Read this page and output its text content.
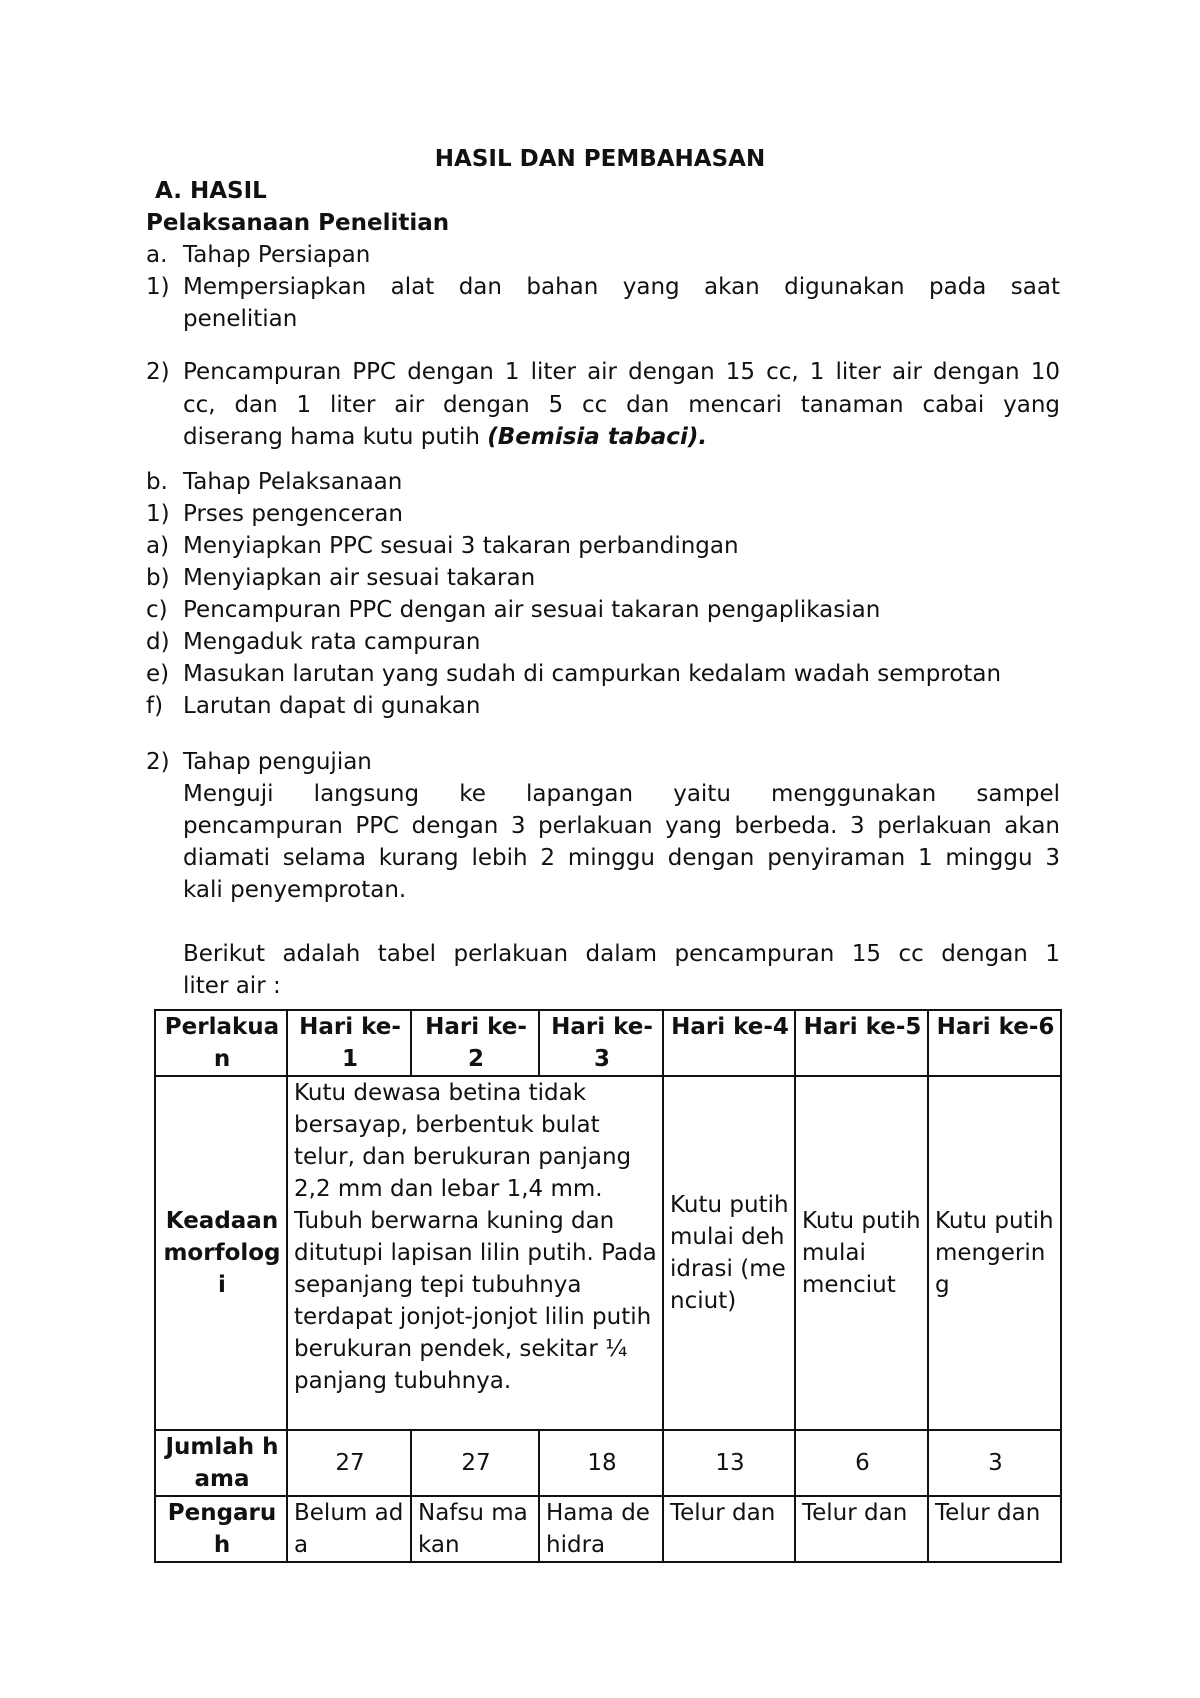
HASIL DAN PEMBAHASAN

A. HASIL

Pelaksanaan Penelitian

a. Tahap Persiapan

1) Mempersiapkan alat dan bahan yang akan digunakan pada saat

penelitian

2) Pencampuran PPC dengan 1 liter air dengan 15 cc, 1 liter air dengan 10

cc, dan 1 liter air dengan 5 cc dan mencari tanaman cabai yang

diserang hama kutu putih (Bemisia tabaci).

b. Tahap Pelaksanaan

1) Prses pengenceran

a) Menyiapkan PPC sesuai 3 takaran perbandingan

b) Menyiapkan air sesuai takaran

c) Pencampuran PPC dengan air sesuai takaran pengaplikasian

d) Mengaduk rata campuran

e) Masukan larutan yang sudah di campurkan kedalam wadah semprotan

f) Larutan dapat di gunakan

2) Tahap pengujian

Menguji langsung ke lapangan yaitu menggunakan sampel

pencampuran PPC dengan 3 perlakuan yang berbeda. 3 perlakuan akan

diamati selama kurang lebih 2 minggu dengan penyiraman 1 minggu 3

kali penyemprotan.

Berikut adalah tabel perlakuan dalam pencampuran 15 cc dengan 1

liter air :

Perlakuan	Hari ke-1	Hari ke-2	Hari ke-3	Hari ke-4	Hari ke-5	Hari ke-6
Keadaan morfologi	Kutu dewasa betina tidak bersayap, berbentuk bulat telur, dan berukuran panjang 2,2 mm dan lebar 1,4 mm. Tubuh berwarna kuning dan ditutupi lapisan lilin putih. Pada sepanjang tepi tubuhnya terdapat jonjot-jonjot lilin putih berukuran pendek, sekitar ¼ panjang tubuhnya.			Kutu putih mulai dehidrasi (menciut)	Kutu putih mulai menciut	Kutu putih mengering
Jumlah hama	27	27	18	13	6	3
Pengaruh	Belum ada	Nafsu makan	Hama dehidra	Telur dan	Telur dan	Telur dan
